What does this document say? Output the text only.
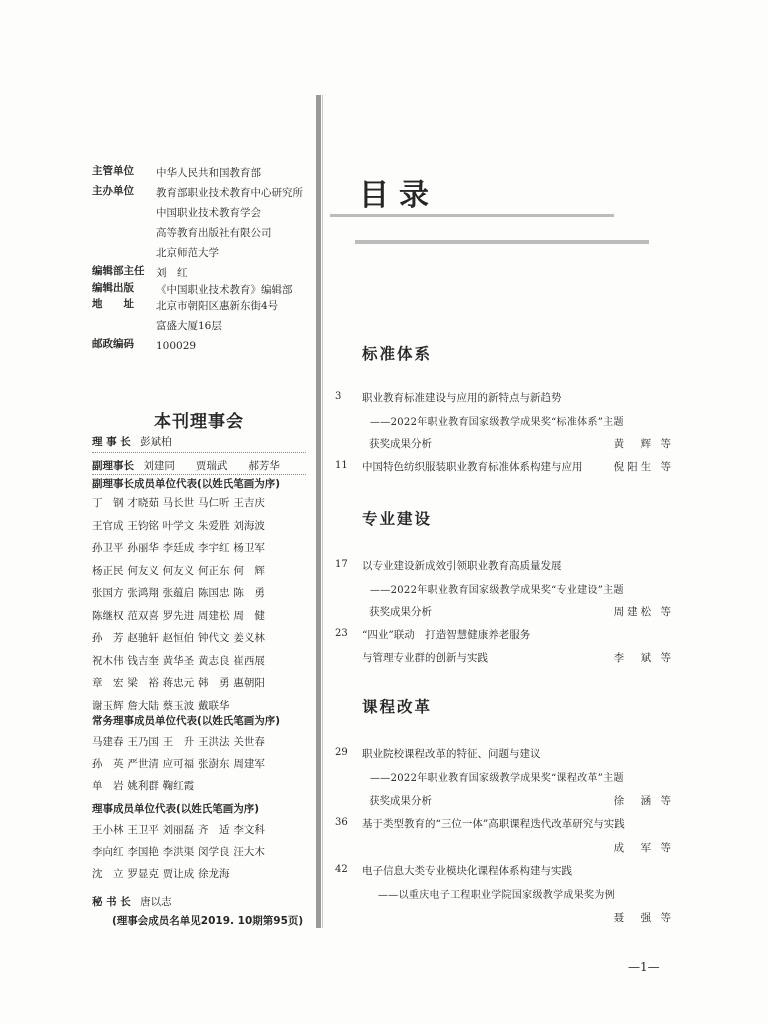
主管单位 中华人民共和国教育部
主办单位 教育部职业技术教育中心研究所
中国职业技术教育学会
高等教育出版社有限公司
北京师范大学
编辑部主任 刘　红
编辑出版 《中国职业技术教育》编辑部
地　　址 北京市朝阳区惠新东街4号
富盛大厦16层
邮政编码 100029
本刊理事会
理 事 长 彭斌柏
副理事长 刘建同　　贾瑞武　　郝芳华
副理事长成员单位代表(以姓氏笔画为序)
丁　钢 才晓茹 马长世 马仁听 王吉庆
王官成 王钧铭 叶学文 朱爱胜 刘海波
孙卫平 孙丽华 李廷成 李宇红 杨卫军
杨正民 何友义 何友义 何正东 何　辉
张国方 张鸿翔 张蕴启 陈国忠 陈　勇
陈继权 范双喜 罗先进 周建松 周　健
孙　芳 赵驰轩 赵恒伯 钟代文 姜义林
祝木伟 钱吉奎 黄华圣 黄志良 崔西展
章　宏 梁　裕 蒋忠元 韩　勇 惠朝阳
谢玉辉 詹大陆 蔡玉波 戴联华
常务理事成员单位代表(以姓氏笔画为序)
马建春 王乃国 王　升 王洪法 关世春
孙　英 严世清 应可福 张澍东 周建军
单　岩 姚利群 鞠红霞
理事成员单位代表(以姓氏笔画为序)
王小林 王卫平 刘丽磊 齐　适 李文科
李向红 李国艳 李洪渠 闵学良 汪大木
沈　立 罗显克 贾让成 徐龙海
秘 书 长 唐以志
(理事会成员名单见2019. 10期第95页)
目录
标准体系
3 职业教育标准建设与应用的新特点与新趋势
——2022年职业教育国家级教学成果奖“标准体系”主题
获奖成果分析	黄　辉 等
11 中国特色纺织服装职业教育标准体系构建与应用	倪阳生 等
专业建设
17 以专业建设新成效引领职业教育高质量发展
——2022年职业教育国家级教学成果奖“专业建设”主题
获奖成果分析	周建松 等
23 “四业”联动　打造智慧健康养老服务
与管理专业群的创新与实践	李　斌 等
课程改革
29 职业院校课程改革的特征、问题与建议
——2022年职业教育国家级教学成果奖“课程改革”主题
获奖成果分析	徐　涵 等
36 基于类型教育的“三位一体”高职课程迭代改革研究与实践
成　军 等
42 电子信息大类专业模块化课程体系构建与实践
——以重庆电子工程职业学院国家级教学成果奖为例
聂　强 等
—1—
